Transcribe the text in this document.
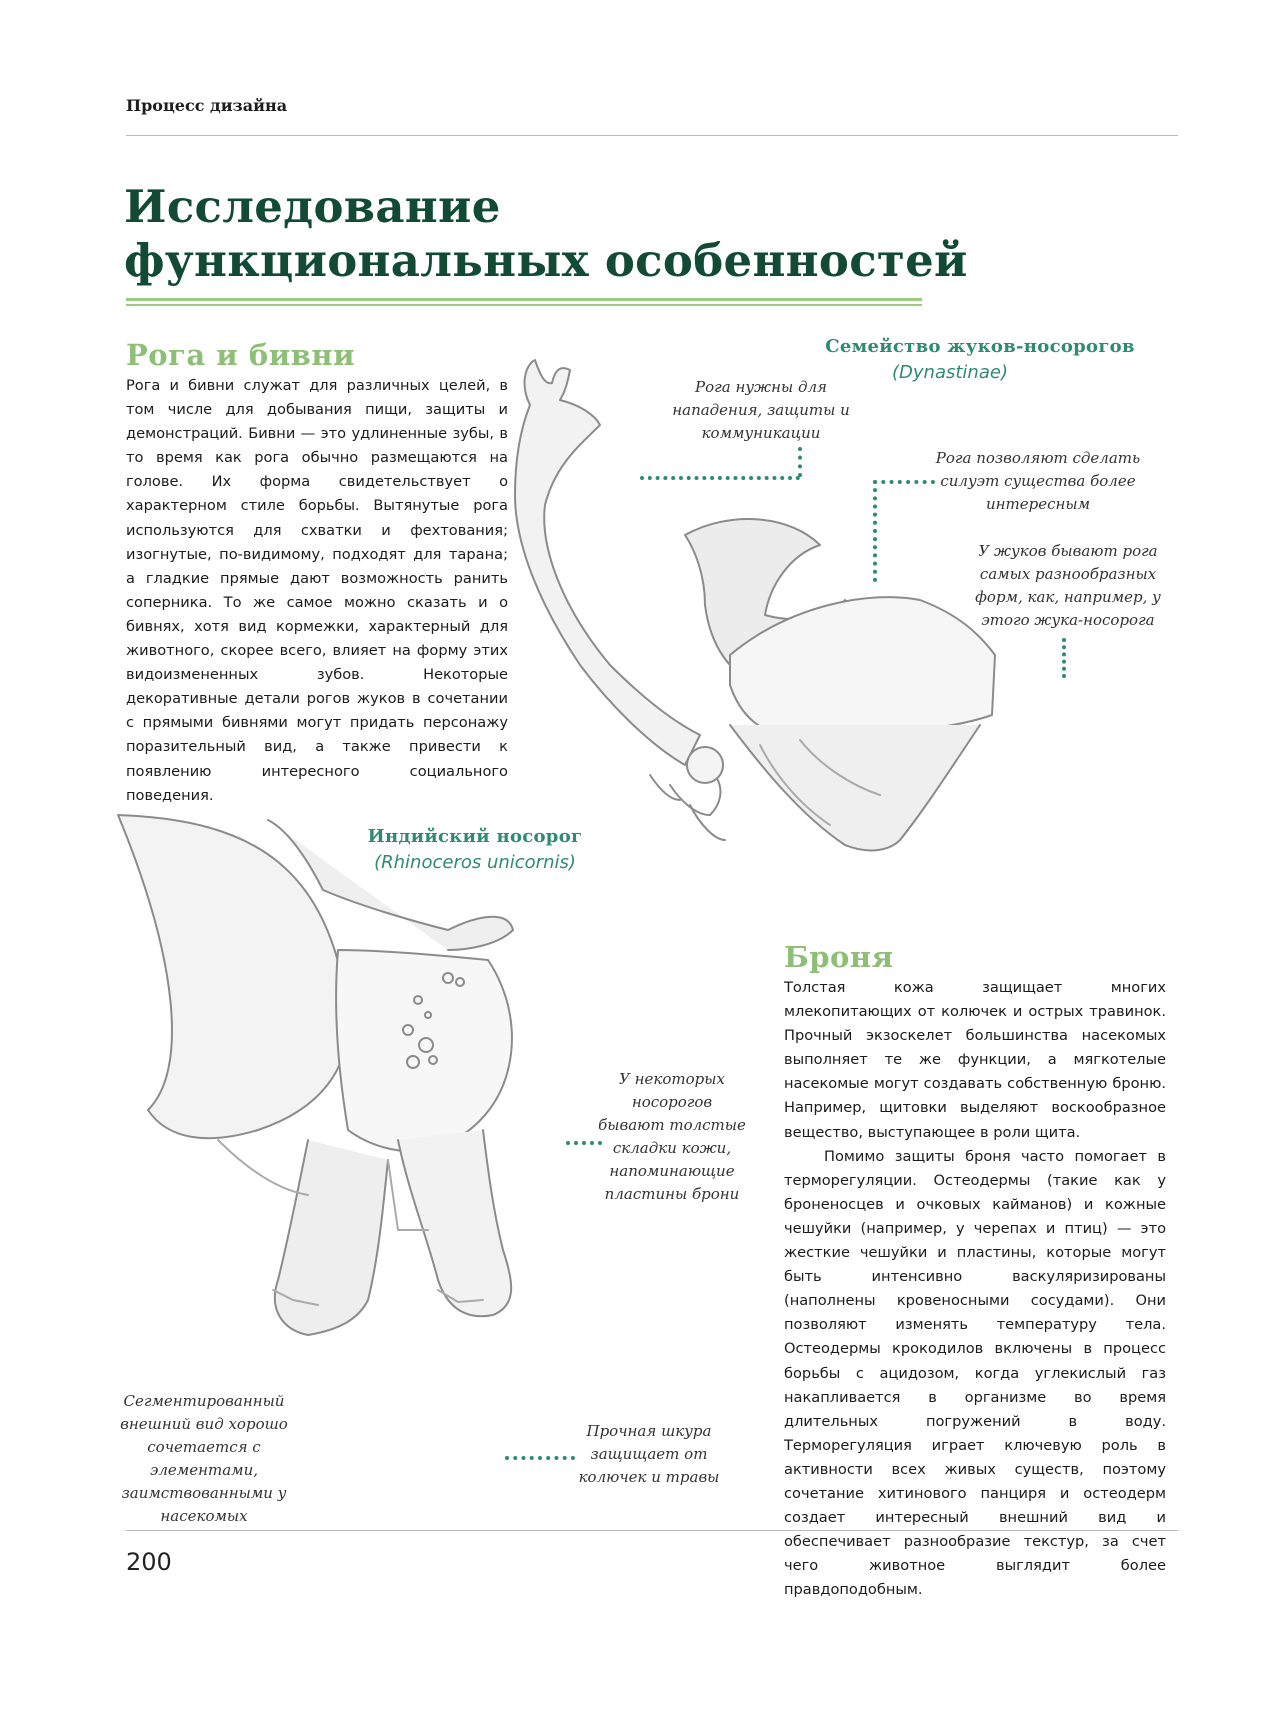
Процесс дизайна
Исследование
функциональных особенностей
Рога и бивни
Рога и бивни служат для различных целей, в том числе для добывания пищи, защиты и демонстраций. Бивни — это удлиненные зубы, в то время как рога обычно размещаются на голове. Их форма свидетельствует о характерном стиле борьбы. Вытянутые рога используются для схватки и фехтования; изогнутые, по-видимому, подходят для тарана; а гладкие прямые дают возможность ранить соперника. То же самое можно сказать и о бивнях, хотя вид кормежки, характерный для животного, скорее всего, влияет на форму этих видоизмененных зубов. Некоторые декоративные детали рогов жуков в сочетании с прямыми бивнями могут придать персонажу поразительный вид, а также привести к появлению интересного социального поведения.
Семейство жуков-носорогов
(Dynastinae)
Рога нужны для нападения, защиты и коммуникации
Рога позволяют сделать силуэт существа более интересным
У жуков бывают рога самых разнообразных форм, как, например, у этого жука-носорога
Индийский носорог
(Rhinoceros unicornis)
У некоторых носорогов бывают толстые складки кожи, напоминающие пластины брони
Сегментированный внешний вид хорошо сочетается с элементами, заимствованными у насекомых
Прочная шкура защищает от колючек и травы
Броня

Толстая кожа защищает многих млекопитающих от колючек и острых травинок. Прочный экзоскелет большинства насекомых выполняет те же функции, а мягкотелые насекомые могут создавать собственную броню. Например, щитовки выделяют воскообразное вещество, выступающее в роли щита.

Помимо защиты броня часто помогает в терморегуляции. Остеодермы (такие как у броненосцев и очковых кайманов) и кожные чешуйки (например, у черепах и птиц) — это жесткие чешуйки и пластины, которые могут быть интенсивно васкуляризированы (наполнены кровеносными сосудами). Они позволяют изменять температуру тела. Остеодермы крокодилов включены в процесс борьбы с ацидозом, когда углекислый газ накапливается в организме во время длительных погружений в воду. Терморегуляция играет ключевую роль в активности всех живых существ, поэтому сочетание хитинового панциря и остеодерм создает интересный внешний вид и обеспечивает разнообразие текстур, за счет чего животное выглядит более правдоподобным.

200
